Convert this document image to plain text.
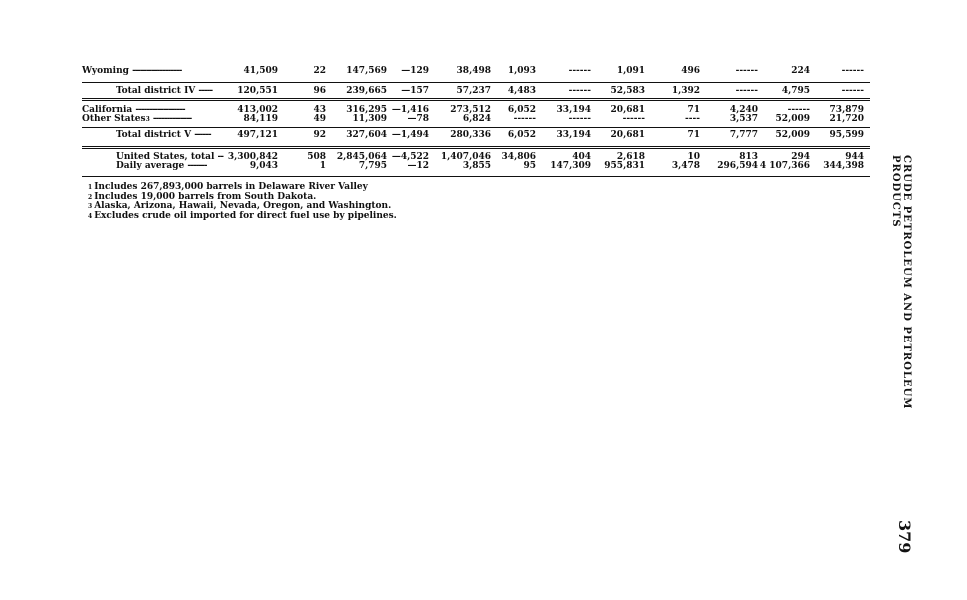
Wyoming ------------------	41,509	22 147,569 —129	38,498 1,093	------	1,091	496	------	224	------
Total district IV -----	120,551	96 239,665 —157	57,237 4,483	------ 52,583	1,392	------	4,795	------
California ------------------	413,002	43 316,295 —1,416 273,512 6,052 33,194 20,681	71	4,240	------ 73,879
Other States$^3$ --------------	84,119	49	11,309 —78	6,824	------	------	------	----	3,537 52,009 21,720
Total district V ------	497,121	92 327,604 —1,494 280,336 6,052 33,194 20,681	71	7,777 52,009 95,599
United States, total -- 3,300,842	508 2,845,064 —4,522 1,407,046 34,806	404	2,618	10	813	294	944
Daily average -------	9,043	1	7,795 —12	3,855	95 147,309 955,831	3,478 296,594 4 107,366 344,398
$^1$ Includes 267,893,000 barrels in Delaware River Valley
$^2$ Includes 19,000 barrels from South Dakota.
$^3$ Alaska, Arizona, Hawaii, Nevada, Oregon, and Washington.
$^4$ Excludes crude oil imported for direct fuel use by pipelines.	CRUDE PETROLEUM AND PETROLEUM PRODUCTS
379
